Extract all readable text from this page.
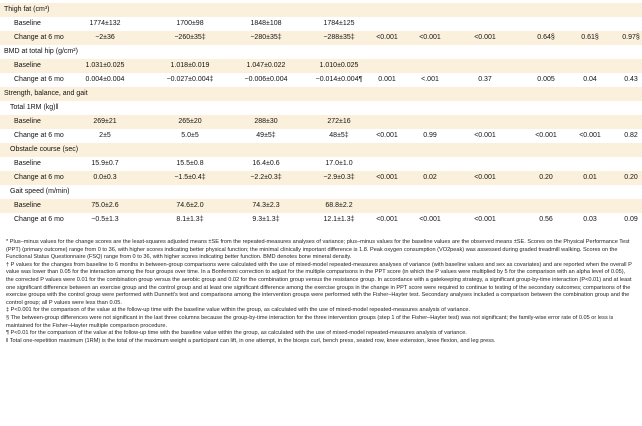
Thigh fat (cm³)
Baseline	1774±132	1700±98	1848±108	1784±125
Change at 6 mo	−2±36	−260±35‡	−280±35‡	−288±35‡	<0.001	<0.001	<0.001	0.64§	0.61§	0.97§
BMD at total hip (g/cm²)
Baseline	1.031±0.025	1.018±0.019	1.047±0.022	1.010±0.025
Change at 6 mo	0.004±0.004	−0.027±0.004‡	−0.006±0.004	−0.014±0.004¶	0.001	<.001	0.37	0.005	0.04	0.43
Strength, balance, and gait
Total 1RM (kg)‖
Baseline	269±21	265±20	288±30	272±16
Change at 6 mo	2±5	5.0±5	49±5‡	48±5‡	<0.001	0.99	<0.001	<0.001	<0.001	0.82
Obstacle course (sec)
Baseline	15.9±0.7	15.5±0.8	16.4±0.6	17.0±1.0
Change at 6 mo	0.0±0.3	−1.5±0.4‡	−2.2±0.3‡	−2.9±0.3‡	<0.001	0.02	<0.001	0.20	0.01	0.20
Gait speed (m/min)
Baseline	75.0±2.6	74.6±2.0	74.3±2.3	68.8±2.2
Change at 6 mo	−0.5±1.3	8.1±1.3‡	9.3±1.3‡	12.1±1.3‡	<0.001	<0.001	<0.001	0.56	0.03	0.09

* Plus–minus values for the change scores are the least-squares adjusted means ±SE from the repeated-measures analyses of variance; plus–minus values for the baseline values are the observed means ±SE. Scores on the Physical Performance Test (PPT) (primary outcome) range from 0 to 36, with higher scores indicating better physical function; the minimal clinically important difference is 1.8. Peak oxygen consumption (VO2peak) was assessed during graded treadmill walking. Scores on the Functional Status Questionnaire (FSQ) range from 0 to 36, with higher scores indicating better function. BMD denotes bone mineral density.

† P values for the changes from baseline to 6 months in between-group comparisons were calculated with the use of mixed-model repeated-measures analyses of variance (with baseline values and sex as covariates) and are reported when the overall P value was lower than 0.05 for the interaction among the four groups over time. In a Bonferroni correction to adjust for the multiple comparisons in the PPT score (in which the P values were multiplied by 5 for the comparison with an alpha level of 0.05), the corrected P values were 0.01 for the combination group versus the aerobic group and 0.02 for the combination group versus the resistance group. In accordance with a gatekeeping strategy, a significant group-by-time interaction (P<0.01) and at least one significant difference between an exercise group and the control group and at least one significant difference among the exercise groups in the change in PPT score were required to continue to testing of the secondary outcomes; comparisons of the exercise groups with the control group were performed with Dunnett's test and comparisons among the intervention groups were performed with the Fisher–Hayter test. Secondary analyses included a comparison between the combination group and the control group; all P values were less than 0.05.

‡ P<0.001 for the comparison of the value at the follow-up time with the baseline value within the group, as calculated with the use of mixed-model repeated-measures analysis of variance.

§ The between-group differences were not significant in the last three columns because the group-by-time interaction for the three intervention groups (step 1 of the Fisher–Hayter test) was not significant; the family-wise error rate of 0.05 or less is maintained for the Fisher–Hayter multiple comparison procedure.

¶ P<0.01 for the comparison of the value at the follow-up time with the baseline value within the group, as calculated with the use of mixed-model repeated-measures analysis of variance.

‖ Total one-repetition maximum (1RM) is the total of the maximum weight a participant can lift, in one attempt, in the biceps curl, bench press, seated row, knee extension, knee flexion, and leg press.
